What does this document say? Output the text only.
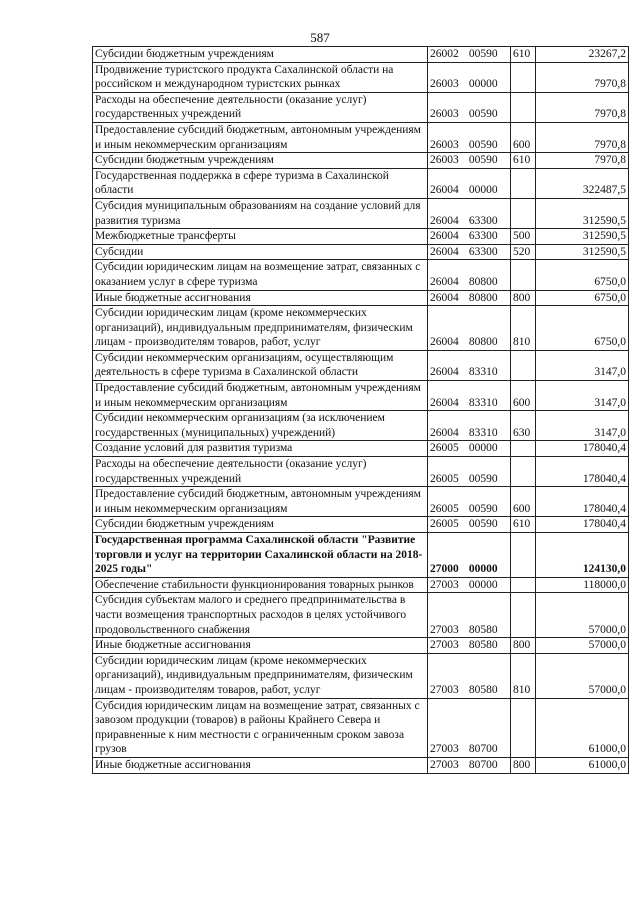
587
Субсидии бюджетным учреждениям	26002 00590	610	23267,2
Продвижение туристского продукта Сахалинской области на российском и международном туристских рынках	26003 00000		7970,8
Расходы на обеспечение деятельности (оказание услуг) государственных учреждений	26003 00590		7970,8
Предоставление субсидий бюджетным, автономным учреждениям и иным некоммерческим организациям	26003 00590	600	7970,8
Субсидии бюджетным учреждениям	26003 00590	610	7970,8
Государственная поддержка в сфере туризма в Сахалинской области	26004 00000		322487,5
Субсидия муниципальным образованиям на создание условий для развития туризма	26004 63300		312590,5
Межбюджетные трансферты	26004 63300	500	312590,5
Субсидии	26004 63300	520	312590,5
Субсидии юридическим лицам на возмещение затрат, связанных с оказанием услуг в сфере туризма	26004 80800		6750,0
Иные бюджетные ассигнования	26004 80800	800	6750,0
Субсидии юридическим лицам (кроме некоммерческих организаций), индивидуальным предпринимателям, физическим лицам - производителям товаров, работ, услуг	26004 80800	810	6750,0
Субсидии некоммерческим организациям, осуществляющим деятельность в сфере туризма в Сахалинской области	26004 83310		3147,0
Предоставление субсидий бюджетным, автономным учреждениям и иным некоммерческим организациям	26004 83310	600	3147,0
Субсидии некоммерческим организациям (за исключением государственных (муниципальных) учреждений)	26004 83310	630	3147,0
Создание условий для развития туризма	26005 00000		178040,4
Расходы на обеспечение деятельности (оказание услуг) государственных учреждений	26005 00590		178040,4
Предоставление субсидий бюджетным, автономным учреждениям и иным некоммерческим организациям	26005 00590	600	178040,4
Субсидии бюджетным учреждениям	26005 00590	610	178040,4
Государственная программа Сахалинской области "Развитие торговли и услуг на территории Сахалинской области на 2018-2025 годы"	27000 00000		124130,0
Обеспечение стабильности функционирования товарных рынков	27003 00000		118000,0
Субсидия субъектам малого и среднего предпринимательства в части возмещения транспортных расходов в целях устойчивого продовольственного снабжения	27003 80580		57000,0
Иные бюджетные ассигнования	27003 80580	800	57000,0
Субсидии юридическим лицам (кроме некоммерческих организаций), индивидуальным предпринимателям, физическим лицам - производителям товаров, работ, услуг	27003 80580	810	57000,0
Субсидия юридическим лицам на возмещение затрат, связанных с завозом продукции (товаров) в районы Крайнего Севера и приравненные к ним местности с ограниченным сроком завоза грузов	27003 80700		61000,0
Иные бюджетные ассигнования	27003 80700	800	61000,0
